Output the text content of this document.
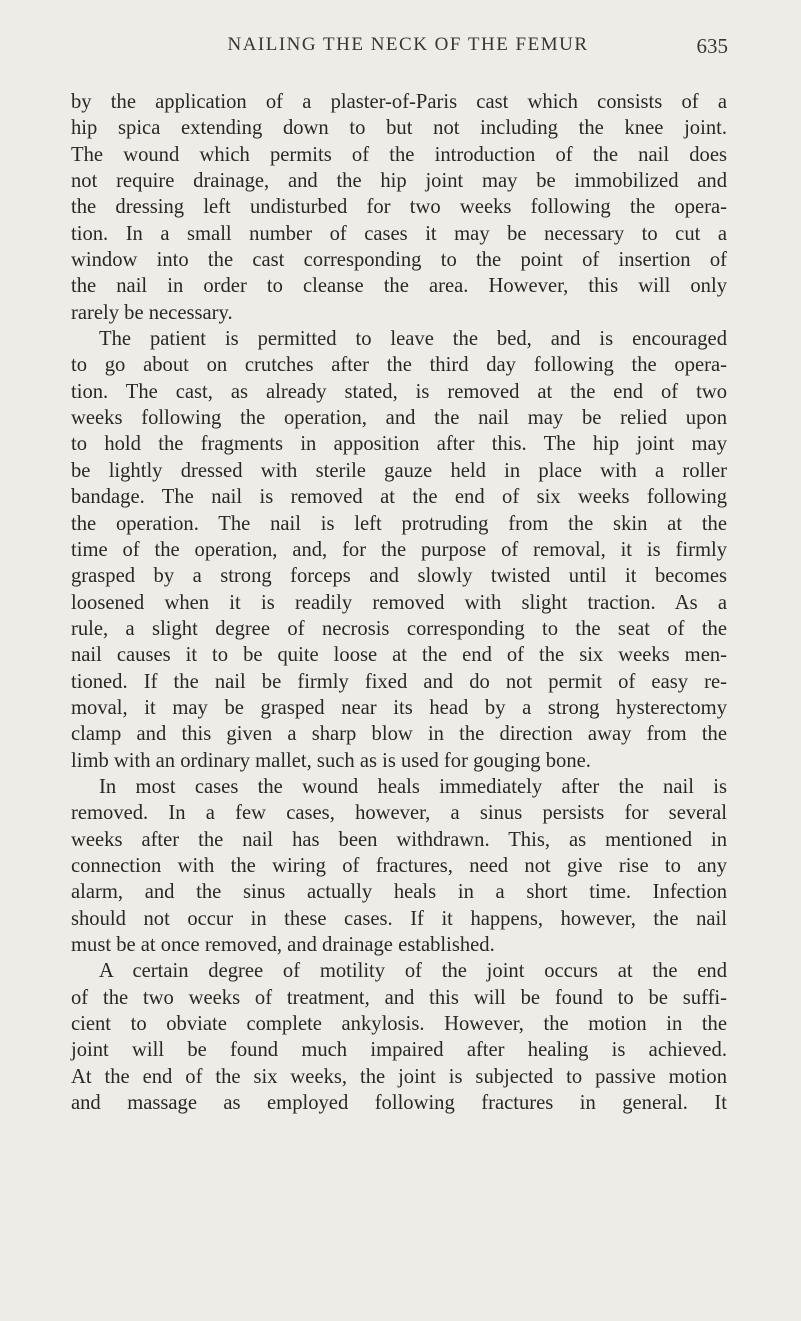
NAILING THE NECK OF THE FEMUR	635
by the application of a plaster-of-Paris cast which consists of a
hip spica extending down to but not including the knee joint.
The wound which permits of the introduction of the nail does
not require drainage, and the hip joint may be immobilized and
the dressing left undisturbed for two weeks following the opera-
tion. In a small number of cases it may be necessary to cut a
window into the cast corresponding to the point of insertion of
the nail in order to cleanse the area. However, this will only
rarely be necessary.
The patient is permitted to leave the bed, and is encouraged
to go about on crutches after the third day following the opera-
tion. The cast, as already stated, is removed at the end of two
weeks following the operation, and the nail may be relied upon
to hold the fragments in apposition after this. The hip joint may
be lightly dressed with sterile gauze held in place with a roller
bandage. The nail is removed at the end of six weeks following
the operation. The nail is left protruding from the skin at the
time of the operation, and, for the purpose of removal, it is firmly
grasped by a strong forceps and slowly twisted until it becomes
loosened when it is readily removed with slight traction. As a
rule, a slight degree of necrosis corresponding to the seat of the
nail causes it to be quite loose at the end of the six weeks men-
tioned. If the nail be firmly fixed and do not permit of easy re-
moval, it may be grasped near its head by a strong hysterectomy
clamp and this given a sharp blow in the direction away from the
limb with an ordinary mallet, such as is used for gouging bone.
In most cases the wound heals immediately after the nail is
removed. In a few cases, however, a sinus persists for several
weeks after the nail has been withdrawn. This, as mentioned in
connection with the wiring of fractures, need not give rise to any
alarm, and the sinus actually heals in a short time. Infection
should not occur in these cases. If it happens, however, the nail
must be at once removed, and drainage established.
A certain degree of motility of the joint occurs at the end
of the two weeks of treatment, and this will be found to be suffi-
cient to obviate complete ankylosis. However, the motion in the
joint will be found much impaired after healing is achieved.
At the end of the six weeks, the joint is subjected to passive motion
and massage as employed following fractures in general. It
